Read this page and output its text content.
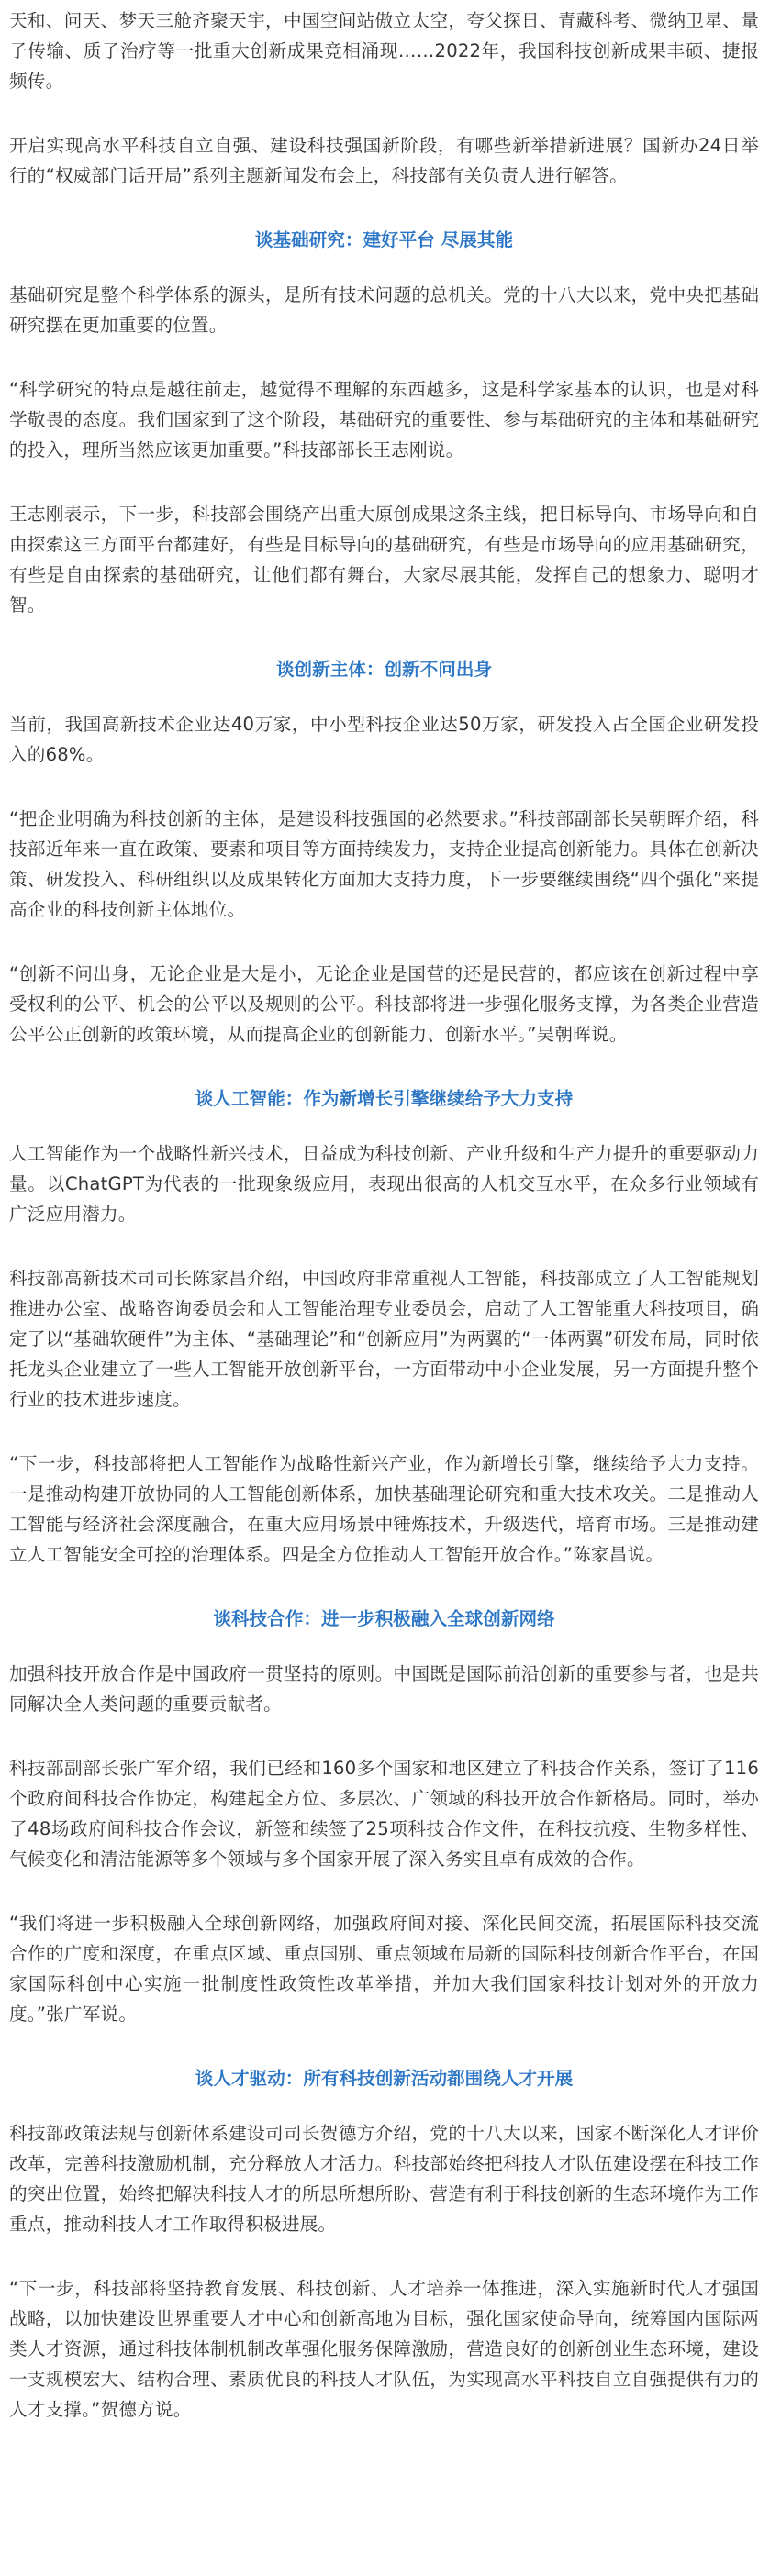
天和、问天、梦天三舱齐聚天宇，中国空间站傲立太空，夸父探日、青藏科考、微纳卫星、量子传输、质子治疗等一批重大创新成果竞相涌现……2022年，我国科技创新成果丰硕、捷报频传。

开启实现高水平科技自立自强、建设科技强国新阶段，有哪些新举措新进展？国新办24日举行的“权威部门话开局”系列主题新闻发布会上，科技部有关负责人进行解答。

谈基础研究：建好平台 尽展其能

基础研究是整个科学体系的源头，是所有技术问题的总机关。党的十八大以来，党中央把基础研究摆在更加重要的位置。

“科学研究的特点是越往前走，越觉得不理解的东西越多，这是科学家基本的认识，也是对科学敬畏的态度。我们国家到了这个阶段，基础研究的重要性、参与基础研究的主体和基础研究的投入，理所当然应该更加重要。”科技部部长王志刚说。

王志刚表示，下一步，科技部会围绕产出重大原创成果这条主线，把目标导向、市场导向和自由探索这三方面平台都建好，有些是目标导向的基础研究，有些是市场导向的应用基础研究，有些是自由探索的基础研究，让他们都有舞台，大家尽展其能，发挥自己的想象力、聪明才智。

谈创新主体：创新不问出身

当前，我国高新技术企业达40万家，中小型科技企业达50万家，研发投入占全国企业研发投入的68%。

“把企业明确为科技创新的主体，是建设科技强国的必然要求。”科技部副部长吴朝晖介绍，科技部近年来一直在政策、要素和项目等方面持续发力，支持企业提高创新能力。具体在创新决策、研发投入、科研组织以及成果转化方面加大支持力度，下一步要继续围绕“四个强化”来提高企业的科技创新主体地位。

“创新不问出身，无论企业是大是小，无论企业是国营的还是民营的，都应该在创新过程中享受权利的公平、机会的公平以及规则的公平。科技部将进一步强化服务支撑，为各类企业营造公平公正创新的政策环境，从而提高企业的创新能力、创新水平。”吴朝晖说。

谈人工智能：作为新增长引擎继续给予大力支持

人工智能作为一个战略性新兴技术，日益成为科技创新、产业升级和生产力提升的重要驱动力量。以ChatGPT为代表的一批现象级应用，表现出很高的人机交互水平，在众多行业领域有广泛应用潜力。

科技部高新技术司司长陈家昌介绍，中国政府非常重视人工智能，科技部成立了人工智能规划推进办公室、战略咨询委员会和人工智能治理专业委员会，启动了人工智能重大科技项目，确定了以“基础软硬件”为主体、“基础理论”和“创新应用”为两翼的“一体两翼”研发布局，同时依托龙头企业建立了一些人工智能开放创新平台，一方面带动中小企业发展，另一方面提升整个行业的技术进步速度。

“下一步，科技部将把人工智能作为战略性新兴产业，作为新增长引擎，继续给予大力支持。一是推动构建开放协同的人工智能创新体系，加快基础理论研究和重大技术攻关。二是推动人工智能与经济社会深度融合，在重大应用场景中锤炼技术，升级迭代，培育市场。三是推动建立人工智能安全可控的治理体系。四是全方位推动人工智能开放合作。”陈家昌说。

谈科技合作：进一步积极融入全球创新网络

加强科技开放合作是中国政府一贯坚持的原则。中国既是国际前沿创新的重要参与者，也是共同解决全人类问题的重要贡献者。

科技部副部长张广军介绍，我们已经和160多个国家和地区建立了科技合作关系，签订了116个政府间科技合作协定，构建起全方位、多层次、广领域的科技开放合作新格局。同时，举办了48场政府间科技合作会议，新签和续签了25项科技合作文件，在科技抗疫、生物多样性、气候变化和清洁能源等多个领域与多个国家开展了深入务实且卓有成效的合作。

“我们将进一步积极融入全球创新网络，加强政府间对接、深化民间交流，拓展国际科技交流合作的广度和深度，在重点区域、重点国别、重点领域布局新的国际科技创新合作平台，在国家国际科创中心实施一批制度性政策性改革举措，并加大我们国家科技计划对外的开放力度。”张广军说。

谈人才驱动：所有科技创新活动都围绕人才开展

科技部政策法规与创新体系建设司司长贺德方介绍，党的十八大以来，国家不断深化人才评价改革，完善科技激励机制，充分释放人才活力。科技部始终把科技人才队伍建设摆在科技工作的突出位置，始终把解决科技人才的所思所想所盼、营造有利于科技创新的生态环境作为工作重点，推动科技人才工作取得积极进展。

“下一步，科技部将坚持教育发展、科技创新、人才培养一体推进，深入实施新时代人才强国战略，以加快建设世界重要人才中心和创新高地为目标，强化国家使命导向，统筹国内国际两类人才资源，通过科技体制机制改革强化服务保障激励，营造良好的创新创业生态环境，建设一支规模宏大、结构合理、素质优良的科技人才队伍，为实现高水平科技自立自强提供有力的人才支撑。”贺德方说。
